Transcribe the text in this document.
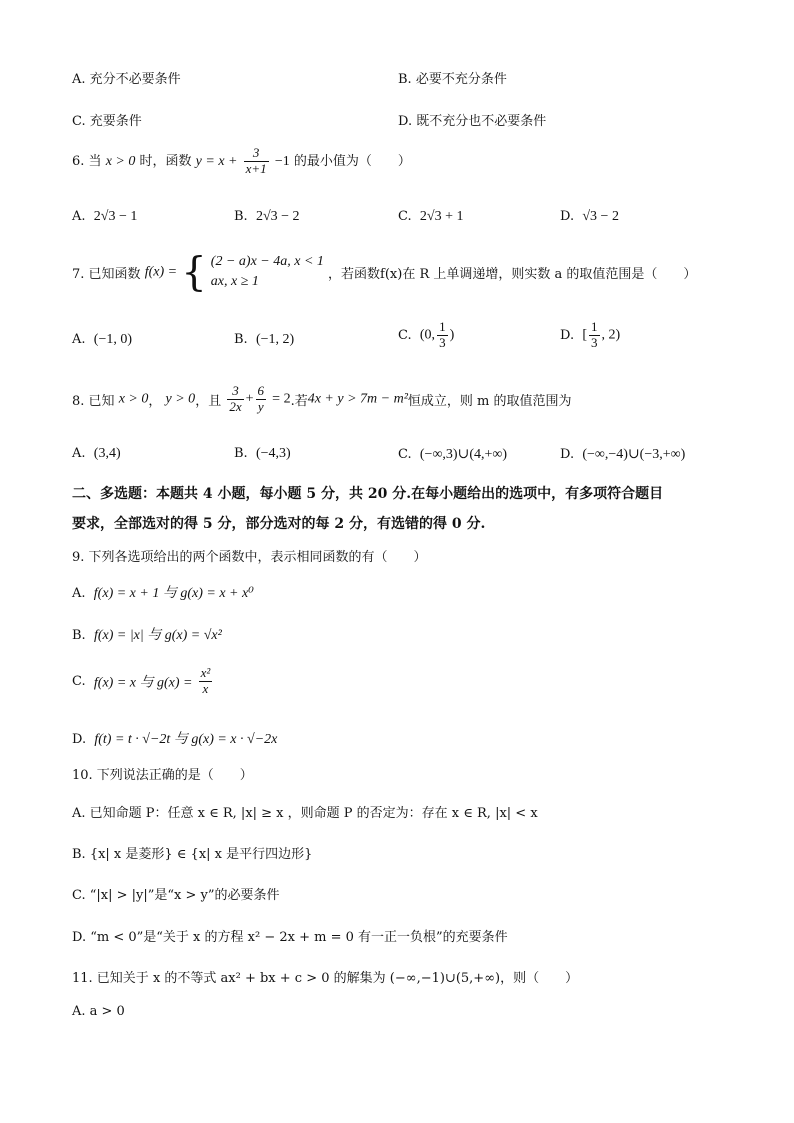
A. 充分不必要条件	B. 必要不充分条件
C. 充要条件	D. 既不充分也不必要条件
6. 当 x > 0 时，函数 $y = x + \frac{3}{x+1} -1$ 的最小值为（　　）
A. 2√3 − 1	B. 2√3 − 2	C. 2√3 + 1	D. √3 − 2
7. 已知函数 f(x) = { (2 − a)x − 4a, x < 1
ax, x ≥ 1	，若函数f(x)在 R 上单调递增，则实数 a 的取值范围是（　　）
A. (−1, 0)	B. (−1, 2)	C. (0, $\frac{1}{3}$ )	D. [ $\frac{1}{3}$ , 2)
8. 已知 x > 0， y > 0，且 $\frac{3}{2x} + \frac{6}{y} = 2$.若4x + y > 7m − m²恒成立，则 m 的取值范围为
A. (3,4)	B. (−4,3)	C. (−∞,3)∪(4,+∞)	D. (−∞,−4)∪(−3,+∞)
二、多选题：本题共 4 小题，每小题 5 分，共 20 分.在每小题给出的选项中，有多项符合题目
要求，全部选对的得 5 分，部分选对的每 2 分，有选错的得 0 分.
9. 下列各选项给出的两个函数中，表示相同函数的有（　　）
A. f(x) = x + 1 与 g(x) = x + x⁰
B. f(x) = |x| 与 g(x) = √x²
C. f(x) = x 与 $g(x) = \frac{\text{x²}}{x}$
D. f(t) = t · √−2t 与 g(x) = x · √−2x
10. 下列说法正确的是（　　）
A. 已知命题 P：任意 x ∈ R, |x| ≥ x ，则命题 P 的否定为：存在 x ∈ R, |x| < x
B. {x| x 是菱形} ∈ {x| x 是平行四边形}
C. “|x| > |y|”是“x > y”的必要条件
D. “m < 0”是“关于 x 的方程 x² − 2x + m = 0 有一正一负根”的充要条件
11. 已知关于 x 的不等式 ax² + bx + c > 0 的解集为 (−∞,−1)∪(5,+∞)，则（　　）
A. a > 0
